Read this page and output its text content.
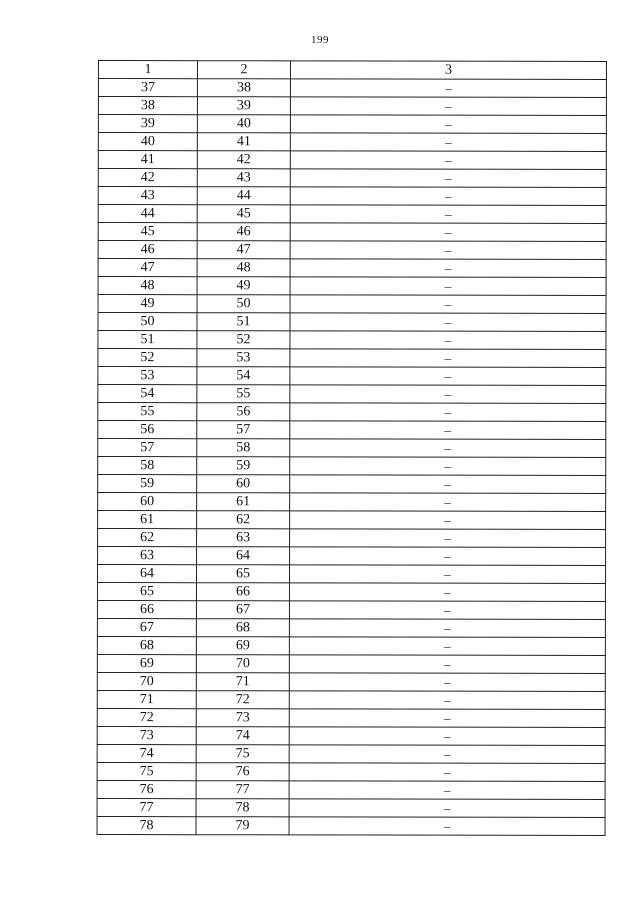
199
1	2	3
37	38	–
38	39	–
39	40	–
40	41	–
41	42	–
42	43	–
43	44	–
44	45	–
45	46	–
46	47	–
47	48	–
48	49	–
49	50	–
50	51	–
51	52	–
52	53	–
53	54	–
54	55	–
55	56	–
56	57	–
57	58	–
58	59	–
59	60	–
60	61	–
61	62	–
62	63	–
63	64	–
64	65	–
65	66	–
66	67	–
67	68	–
68	69	–
69	70	–
70	71	–
71	72	–
72	73	–
73	74	–
74	75	–
75	76	–
76	77	–
77	78	–
78	79	–
